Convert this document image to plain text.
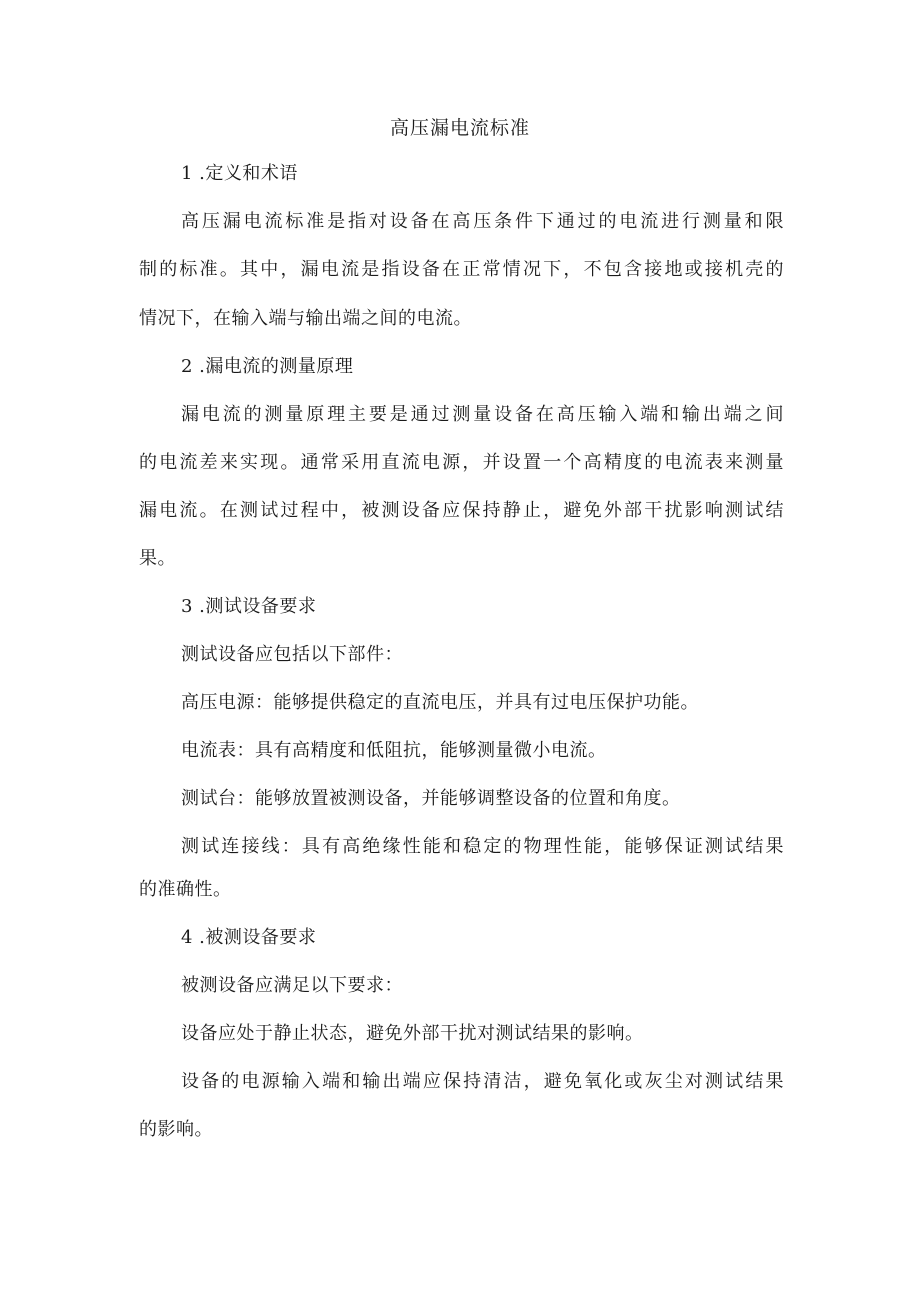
高压漏电流标准
1 .定义和术语
高压漏电流标准是指对设备在高压条件下通过的电流进行测量和限
制的标准。其中，漏电流是指设备在正常情况下，不包含接地或接机壳的
情况下，在输入端与输出端之间的电流。
2 .漏电流的测量原理
漏电流的测量原理主要是通过测量设备在高压输入端和输出端之间
的电流差来实现。通常采用直流电源，并设置一个高精度的电流表来测量
漏电流。在测试过程中，被测设备应保持静止，避免外部干扰影响测试结
果。
3 .测试设备要求
测试设备应包括以下部件：
高压电源：能够提供稳定的直流电压，并具有过电压保护功能。
电流表：具有高精度和低阻抗，能够测量微小电流。
测试台：能够放置被测设备，并能够调整设备的位置和角度。
测试连接线：具有高绝缘性能和稳定的物理性能，能够保证测试结果
的准确性。
4 .被测设备要求
被测设备应满足以下要求：
设备应处于静止状态，避免外部干扰对测试结果的影响。
设备的电源输入端和输出端应保持清洁，避免氧化或灰尘对测试结果
的影响。
